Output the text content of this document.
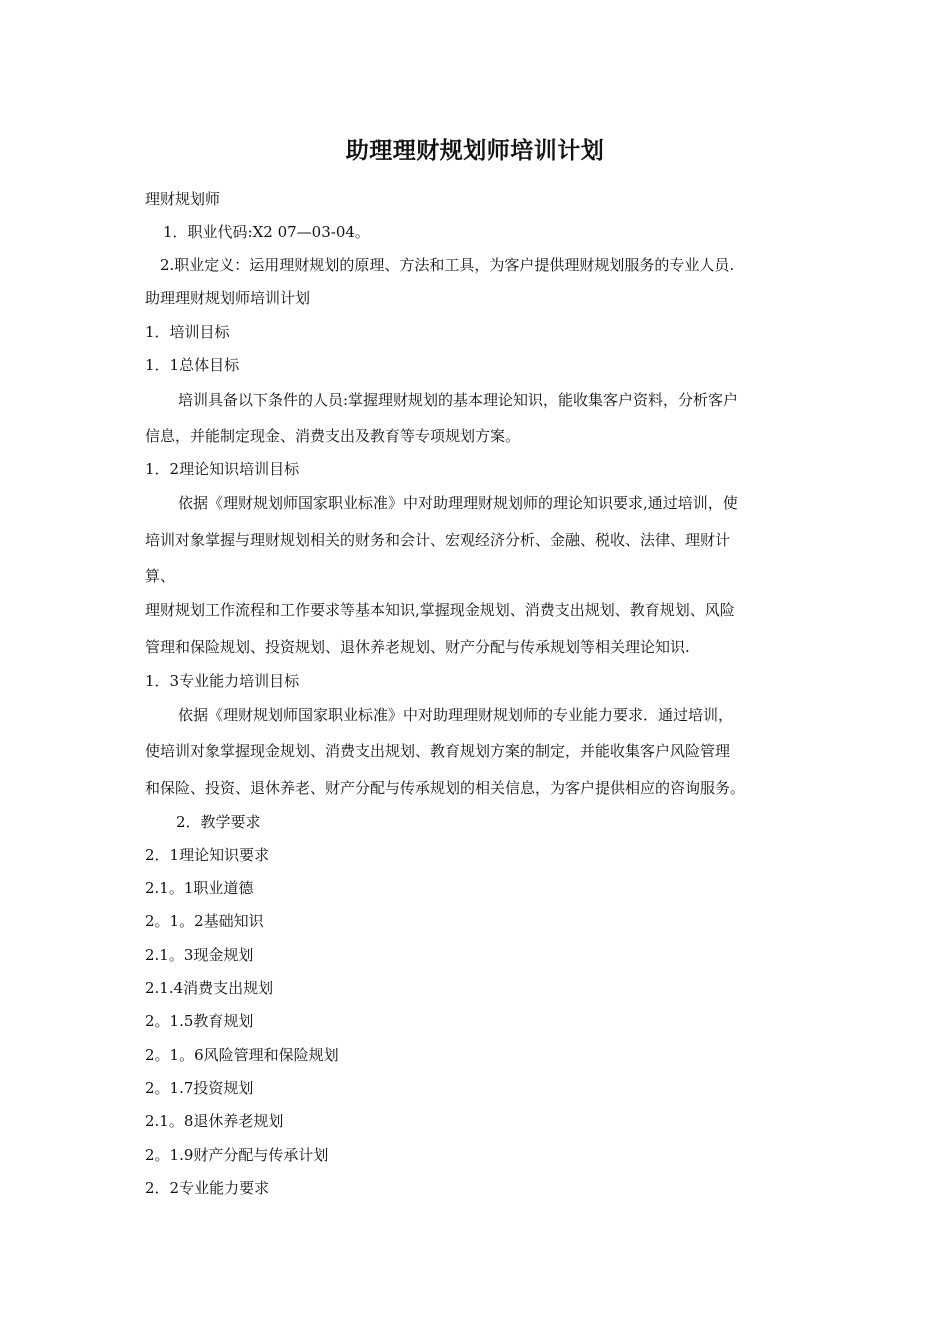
助理理财规划师培训计划
理财规划师
1．职业代码:X2 07—03-04。
2.职业定义：运用理财规划的原理、方法和工具，为客户提供理财规划服务的专业人员.
助理理财规划师培训计划
1．培训目标
1．1总体目标
培训具备以下条件的人员:掌握理财规划的基本理论知识，能收集客户资料，分析客户
信息，并能制定现金、消费支出及教育等专项规划方案。
1．2理论知识培训目标
依据《理财规划师国家职业标准》中对助理理财规划师的理论知识要求,通过培训，使
培训对象掌握与理财规划相关的财务和会计、宏观经济分析、金融、税收、法律、理财计
算、
理财规划工作流程和工作要求等基本知识,掌握现金规划、消费支出规划、教育规划、风险
管理和保险规划、投资规划、退休养老规划、财产分配与传承规划等相关理论知识.
1．3专业能力培训目标
依据《理财规划师国家职业标准》中对助理理财规划师的专业能力要求．通过培训，
使培训对象掌握现金规划、消费支出规划、教育规划方案的制定，并能收集客户风险管理
和保险、投资、退休养老、财产分配与传承规划的相关信息，为客户提供相应的咨询服务。
2．教学要求
2．1理论知识要求
2.1。1职业道德
2。1。2基础知识
2.1。3现金规划
2.1.4消费支出规划
2。1.5教育规划
2。1。6风险管理和保险规划
2。1.7投资规划
2.1。8退休养老规划
2。1.9财产分配与传承计划
2．2专业能力要求
